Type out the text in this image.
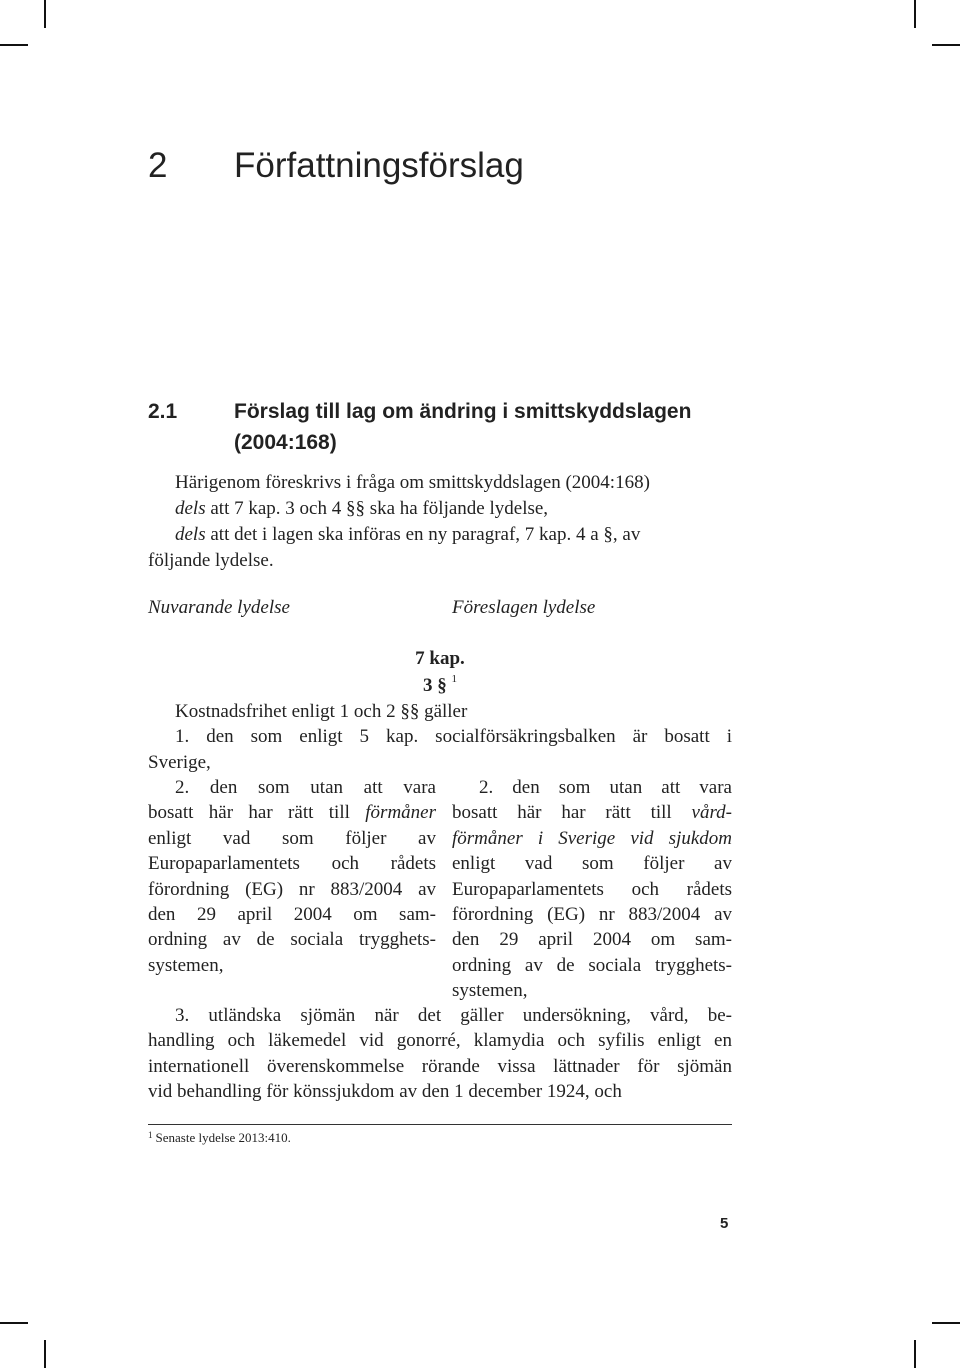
2 Författningsförslag
2.1	Förslag till lag om ändring i smittskyddslagen
(2004:168)
Härigenom föreskrivs i fråga om smittskyddslagen (2004:168)
dels att 7 kap. 3 och 4 §§ ska ha följande lydelse,
dels att det i lagen ska införas en ny paragraf, 7 kap. 4 a §, av
följande lydelse.
Nuvarande lydelse	Föreslagen lydelse
7 kap.
3 § $^1$
Kostnadsfrihet enligt 1 och 2 §§ gäller
1. den som enligt 5 kap. socialförsäkringsbalken är bosatt i
Sverige,
2. den som utan att vara
bosatt här har rätt till förmåner
enligt vad som följer av
Europaparlamentets och rådets
förordning (EG) nr 883/2004 av
den 29 april 2004 om sam-
ordning av de sociala trygghets-
systemen,
2. den som utan att vara
bosatt här har rätt till vård-
förmåner i Sverige vid sjukdom
enligt vad som följer av
Europaparlamentets och rådets
förordning (EG) nr 883/2004 av
den 29 april 2004 om sam-
ordning av de sociala trygghets-
systemen,
3. utländska sjömän när det gäller undersökning, vård, be-
handling och läkemedel vid gonorré, klamydia och syfilis enligt en
internationell överenskommelse rörande vissa lättnader för sjömän
vid behandling för könssjukdom av den 1 december 1924, och
$^1$ Senaste lydelse 2013:410.
5
